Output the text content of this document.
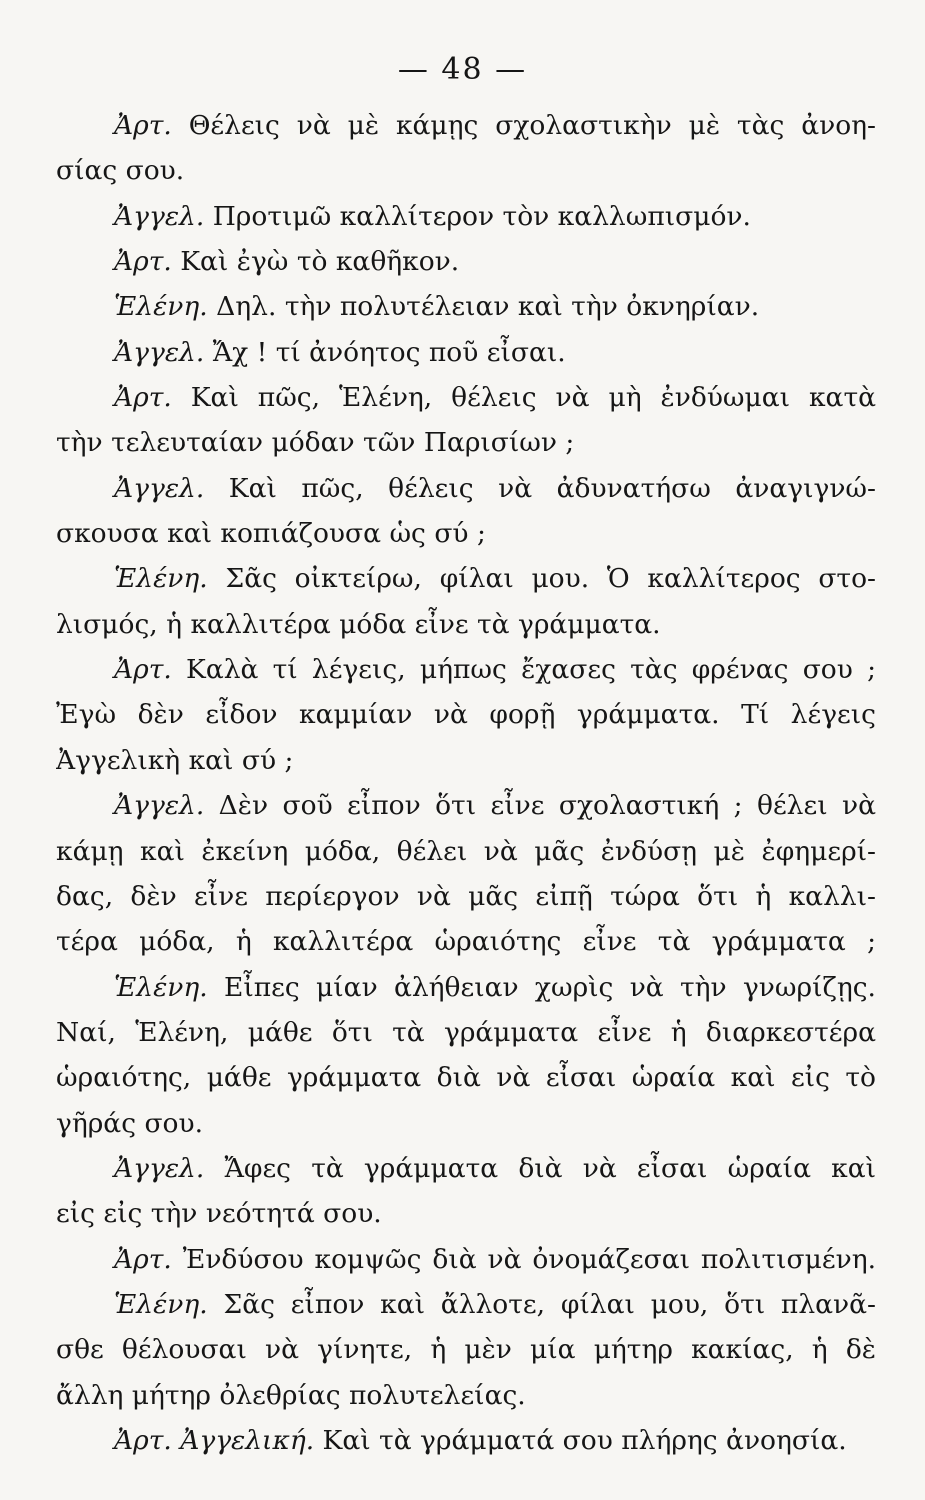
— 48 —
Ἀρτ. Θέλεις νὰ μὲ κάμῃς σχολαστικὴν μὲ τὰς ἀνοη-
σίας σου.
Ἀγγελ. Προτιμῶ καλλίτερον τὸν καλλωπισμόν.
Ἀρτ. Καὶ ἐγὼ τὸ καθῆκον.
Ἑλένη. Δηλ. τὴν πολυτέλειαν καὶ τὴν ὀκνηρίαν.
Ἀγγελ. Ἄχ ! τί ἀνόητος ποῦ εἶσαι.
Ἀρτ. Καὶ πῶς, Ἑλένη, θέλεις νὰ μὴ ἐνδύωμαι κατὰ
τὴν τελευταίαν μόδαν τῶν Παρισίων ;
Ἀγγελ. Καὶ πῶς, θέλεις νὰ ἀδυνατήσω ἀναγιγνώ-
σκουσα καὶ κοπιάζουσα ὡς σύ ;
Ἑλένη. Σᾶς οἰκτείρω, φίλαι μου. Ὁ καλλίτερος στο-
λισμός, ἡ καλλιτέρα μόδα εἶνε τὰ γράμματα.
Ἀρτ. Καλὰ τί λέγεις, μήπως ἔχασες τὰς φρένας σου ;
Ἐγὼ δὲν εἶδον καμμίαν νὰ φορῇ γράμματα. Τί λέγεις
Ἀγγελικὴ καὶ σύ ;
Ἀγγελ. Δὲν σοῦ εἶπον ὅτι εἶνε σχολαστική ; θέλει νὰ
κάμῃ καὶ ἐκείνη μόδα, θέλει νὰ μᾶς ἐνδύσῃ μὲ ἐφημερί-
δας, δὲν εἶνε περίεργον νὰ μᾶς εἰπῇ τώρα ὅτι ἡ καλλι-
τέρα μόδα, ἡ καλλιτέρα ὡραιότης εἶνε τὰ γράμματα ;
Ἑλένη. Εἶπες μίαν ἀλήθειαν χωρὶς νὰ τὴν γνωρίζῃς.
Ναί, Ἑλένη, μάθε ὅτι τὰ γράμματα εἶνε ἡ διαρκεστέρα
ὡραιότης, μάθε γράμματα διὰ νὰ εἶσαι ὡραία καὶ εἰς τὸ
γῆράς σου.
Ἀγγελ. Ἄφες τὰ γράμματα διὰ νὰ εἶσαι ὡραία καὶ
εἰς εἰς τὴν νεότητά σου.
Ἀρτ. Ἐνδύσου κομψῶς διὰ νὰ ὀνομάζεσαι πολιτισμένη.
Ἑλένη. Σᾶς εἶπον καὶ ἄλλοτε, φίλαι μου, ὅτι πλανᾶ-
σθε θέλουσαι νὰ γίνητε, ἡ μὲν μία μήτηρ κακίας, ἡ δὲ
ἄλλη μήτηρ ὀλεθρίας πολυτελείας.
Ἀρτ. Ἀγγελική. Καὶ τὰ γράμματά σου πλήρης ἀνοησία.
